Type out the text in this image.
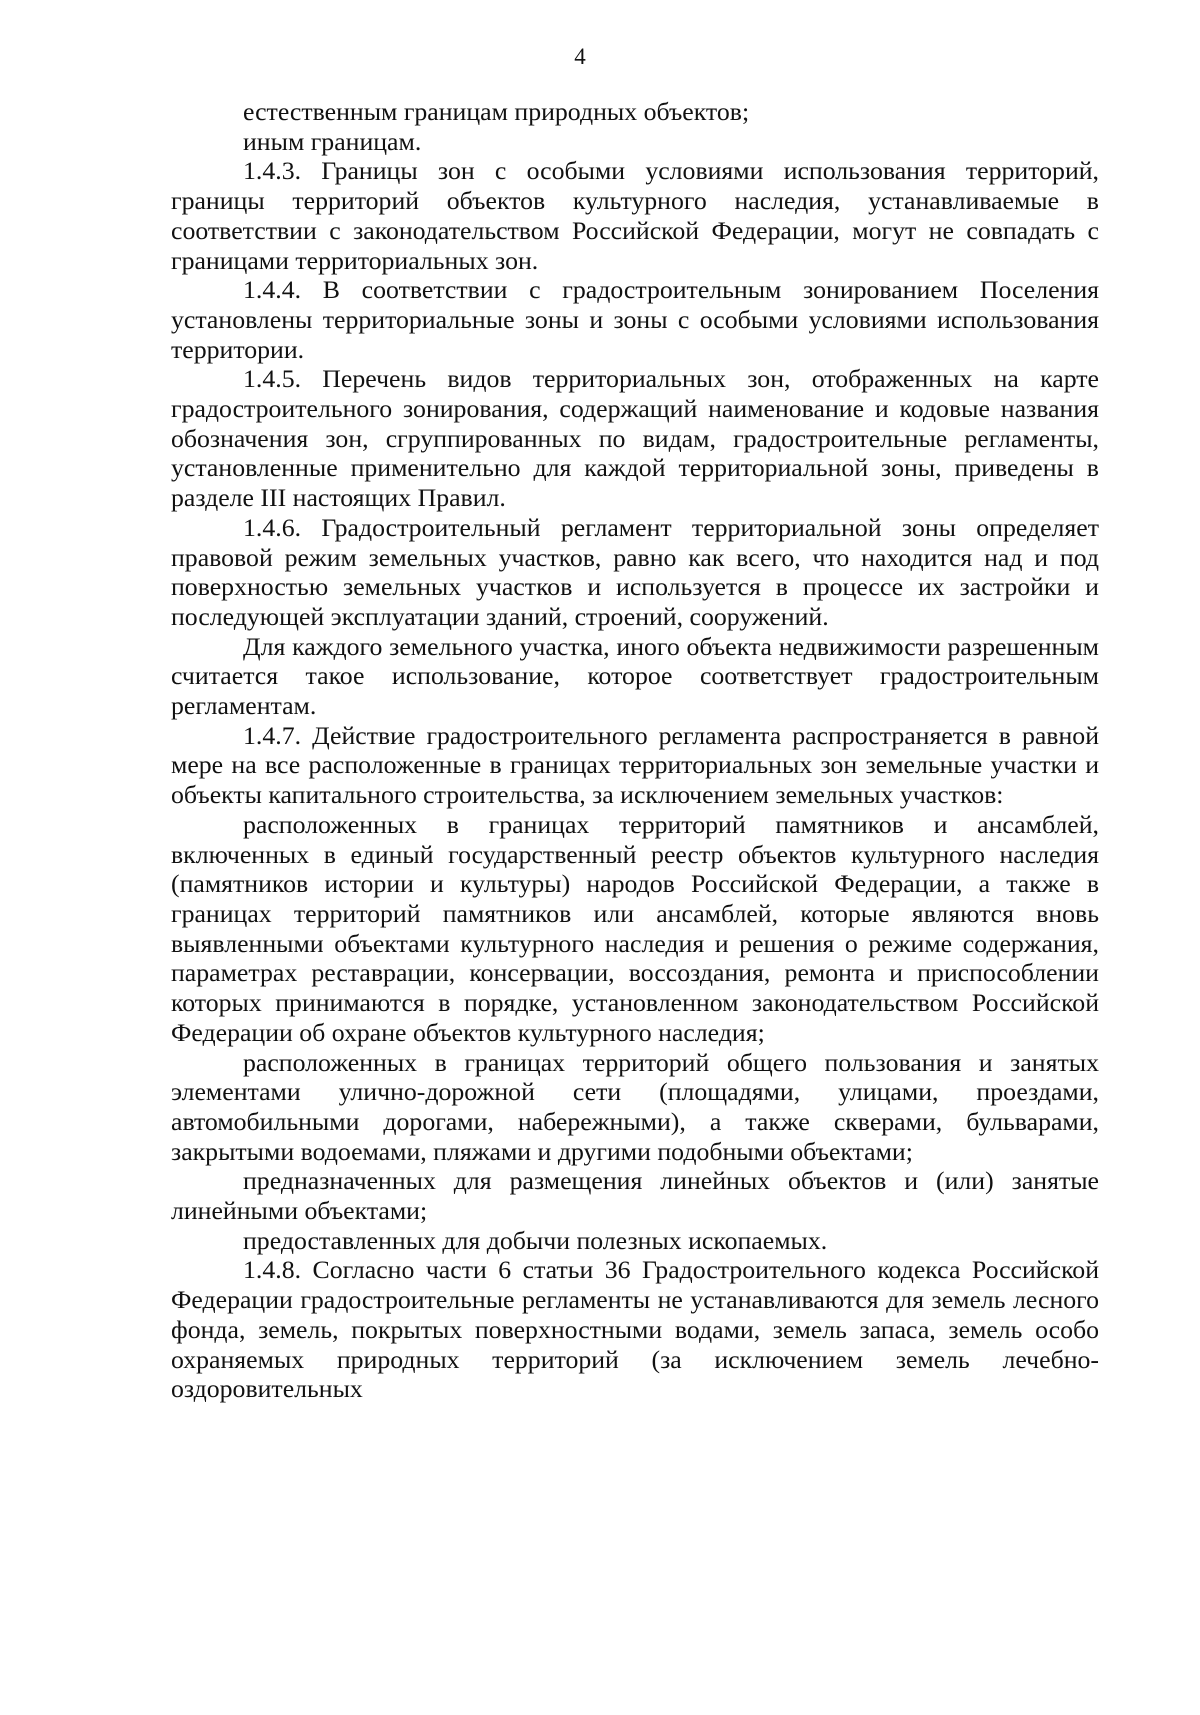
4

естественным границам природных объектов;

иным границам.

1.4.3. Границы зон с особыми условиями использования территорий, границы территорий объектов культурного наследия, устанавливаемые в соответствии с законодательством Российской Федерации, могут не совпадать с границами территориальных зон.

1.4.4. В соответствии с градостроительным зонированием Поселения установлены территориальные зоны и зоны с особыми условиями использования территории.

1.4.5. Перечень видов территориальных зон, отображенных на карте градостроительного зонирования, содержащий наименование и кодовые названия обозначения зон, сгруппированных по видам, градостроительные регламенты, установленные применительно для каждой территориальной зоны, приведены в разделе III настоящих Правил.

1.4.6. Градостроительный регламент территориальной зоны определяет правовой режим земельных участков, равно как всего, что находится над и под поверхностью земельных участков и используется в процессе их застройки и последующей эксплуатации зданий, строений, сооружений.

Для каждого земельного участка, иного объекта недвижимости разрешенным считается такое использование, которое соответствует градостроительным регламентам.

1.4.7. Действие градостроительного регламента распространяется в равной мере на все расположенные в границах территориальных зон земельные участки и объекты капитального строительства, за исключением земельных участков:

расположенных в границах территорий памятников и ансамблей, включенных в единый государственный реестр объектов культурного наследия (памятников истории и культуры) народов Российской Федерации, а также в границах территорий памятников или ансамблей, которые являются вновь выявленными объектами культурного наследия и решения о режиме содержания, параметрах реставрации, консервации, воссоздания, ремонта и приспособлении которых принимаются в порядке, установленном законодательством Российской Федерации об охране объектов культурного наследия;

расположенных в границах территорий общего пользования и занятых элементами улично-дорожной сети (площадями, улицами, проездами, автомобильными дорогами, набережными), а также скверами, бульварами, закрытыми водоемами, пляжами и другими подобными объектами;

предназначенных для размещения линейных объектов и (или) занятые линейными объектами;

предоставленных для добычи полезных ископаемых.

1.4.8. Согласно части 6 статьи 36 Градостроительного кодекса Российской Федерации градостроительные регламенты не устанавливаются для земель лесного фонда, земель, покрытых поверхностными водами, земель запаса, земель особо охраняемых природных территорий (за исключением земель лечебно-оздоровительных
